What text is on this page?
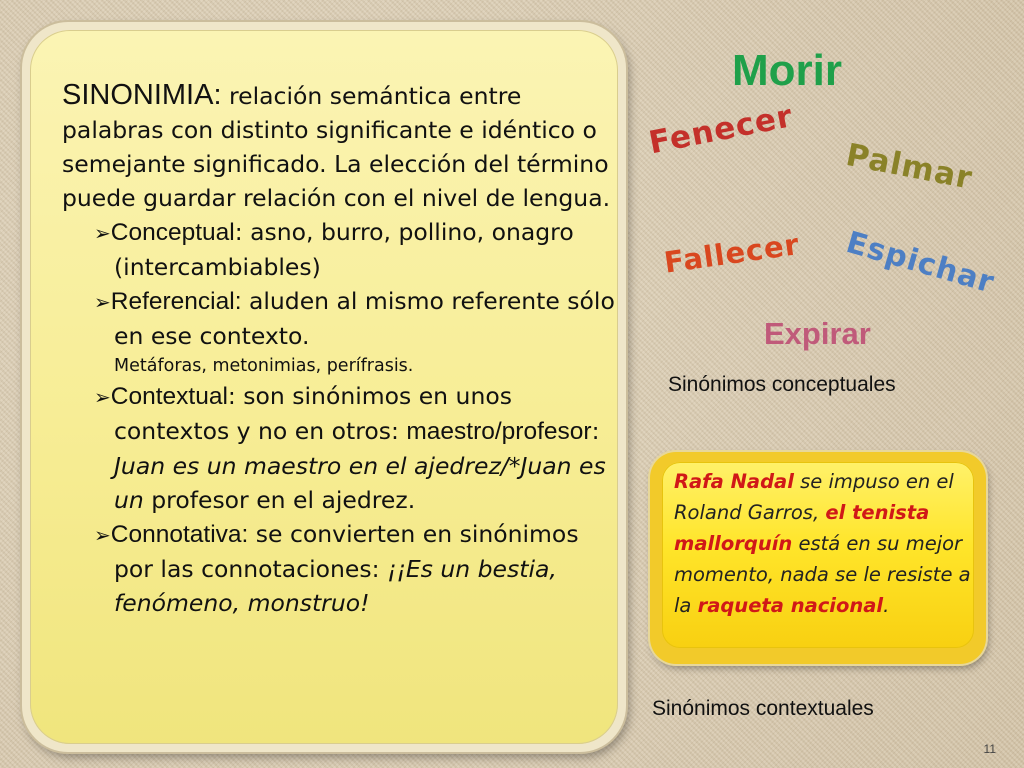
SINONIMIA: relación semántica entre palabras con distinto significante e idéntico o semejante significado. La elección del término puede guardar relación con el nivel de lengua.

➢Conceptual: asno, burro, pollino, onagro (intercambiables)

➢Referencial: aluden al mismo referente sólo en ese contexto.
Metáforas, metonimias, perífrasis.

➢Contextual: son sinónimos en unos contextos y no en otros: maestro/profesor: Juan es un maestro en el ajedrez/*Juan es un profesor en el ajedrez.

➢Connotativa: se convierten en sinónimos por las connotaciones: ¡¡Es un bestia, fenómeno, monstruo!

Morir
Fenecer
Palmar
Fallecer Espichar
Expirar
Sinónimos conceptuales
Rafa Nadal se impuso en el Roland Garros, el tenista mallorquín está en su mejor momento, nada se le resiste a la raqueta nacional.
Sinónimos contextuales
11
